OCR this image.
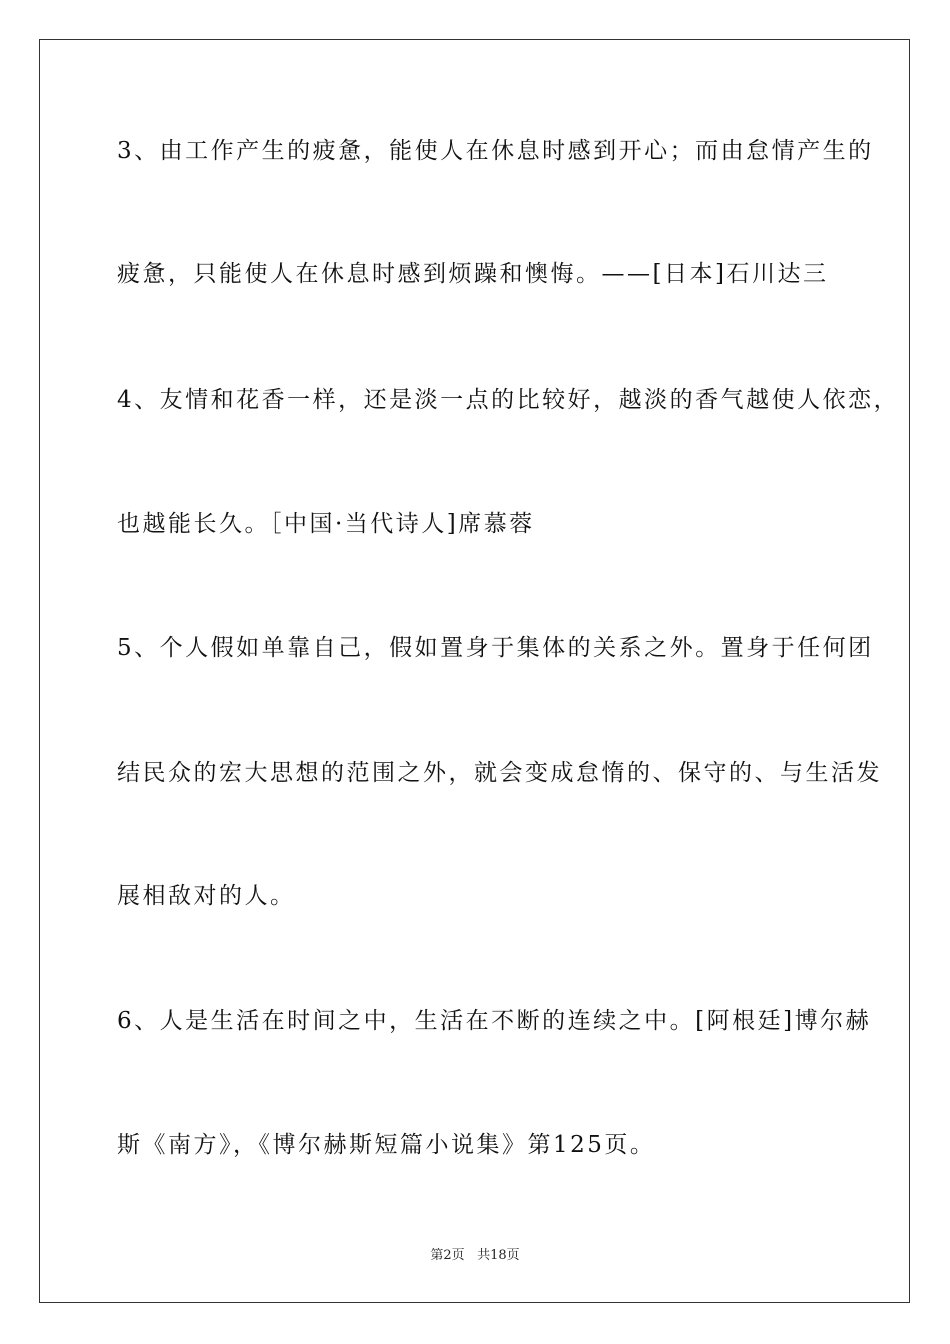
3、由工作产生的疲惫，能使人在休息时感到开心；而由怠情产生的
疲惫，只能使人在休息时感到烦躁和懊悔。——[日本]石川达三
4、友情和花香一样，还是淡一点的比较好，越淡的香气越使人依恋，
也越能长久。［中国·当代诗人]席慕蓉
5、个人假如单靠自己，假如置身于集体的关系之外。置身于任何团
结民众的宏大思想的范围之外，就会变成怠惰的、保守的、与生活发
展相敌对的人。
6、人是生活在时间之中，生活在不断的连续之中。[阿根廷]博尔赫
斯《南方》，《博尔赫斯短篇小说集》第125页。
第2页 共18页
